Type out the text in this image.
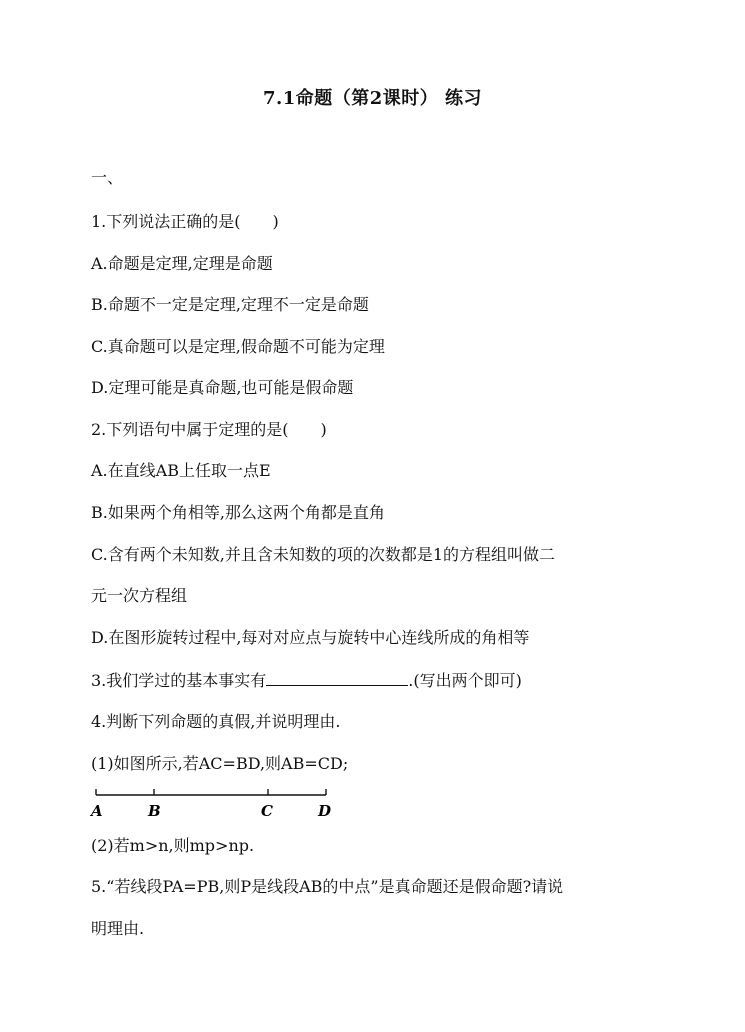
7.1命题（第2课时） 练习
一、
1.下列说法正确的是(　　)
A.命题是定理,定理是命题
B.命题不一定是定理,定理不一定是命题
C.真命题可以是定理,假命题不可能为定理
D.定理可能是真命题,也可能是假命题
2.下列语句中属于定理的是(　　)
A.在直线AB上任取一点E
B.如果两个角相等,那么这两个角都是直角
C.含有两个未知数,并且含未知数的项的次数都是1的方程组叫做二
元一次方程组
D.在图形旋转过程中,每对对应点与旋转中心连线所成的角相等
3.我们学过的基本事实有	.(写出两个即可)
4.判断下列命题的真假,并说明理由.
(1)如图所示,若AC=BD,则AB=CD;
A	B	C	D
(2)若m>n,则mp>np.
5.“若线段PA=PB,则P是线段AB的中点”是真命题还是假命题?请说
明理由.
